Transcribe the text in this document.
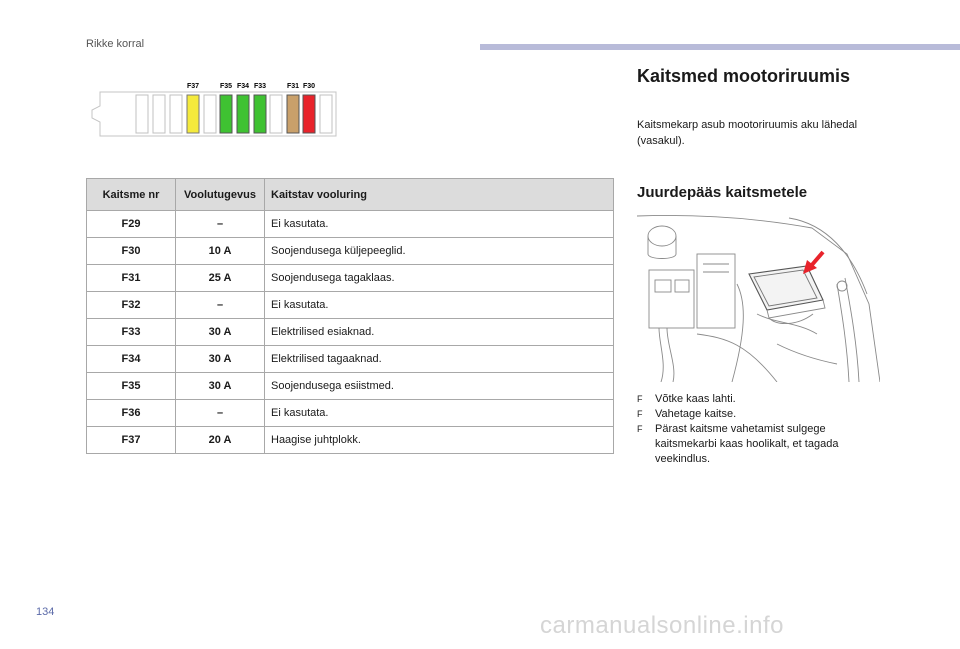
Rikke korral
F37	F35 F34 F33	F31 F30
Kaitsme nr	Voolutugevus	Kaitstav vooluring
F29	–	Ei kasutata.
F30	10 A	Soojendusega küljepeeglid.
F31	25 A	Soojendusega tagaklaas.
F32	–	Ei kasutata.
F33	30 A	Elektrilised esiaknad.
F34	30 A	Elektrilised tagaaknad.
F35	30 A	Soojendusega esiistmed.
F36	–	Ei kasutata.
F37	20 A	Haagise juhtplokk.
Kaitsmed mootoriruumis

Kaitsmekarp asub mootoriruumis aku lähedal (vasakul).

Juurdepääs kaitsmetele
F Võtke kaas lahti.
F Vahetage kaitse.
F Pärast kaitsme vahetamist sulgege kaitsmekarbi kaas hoolikalt, et tagada veekindlus.
134	carmanualsonline.info
